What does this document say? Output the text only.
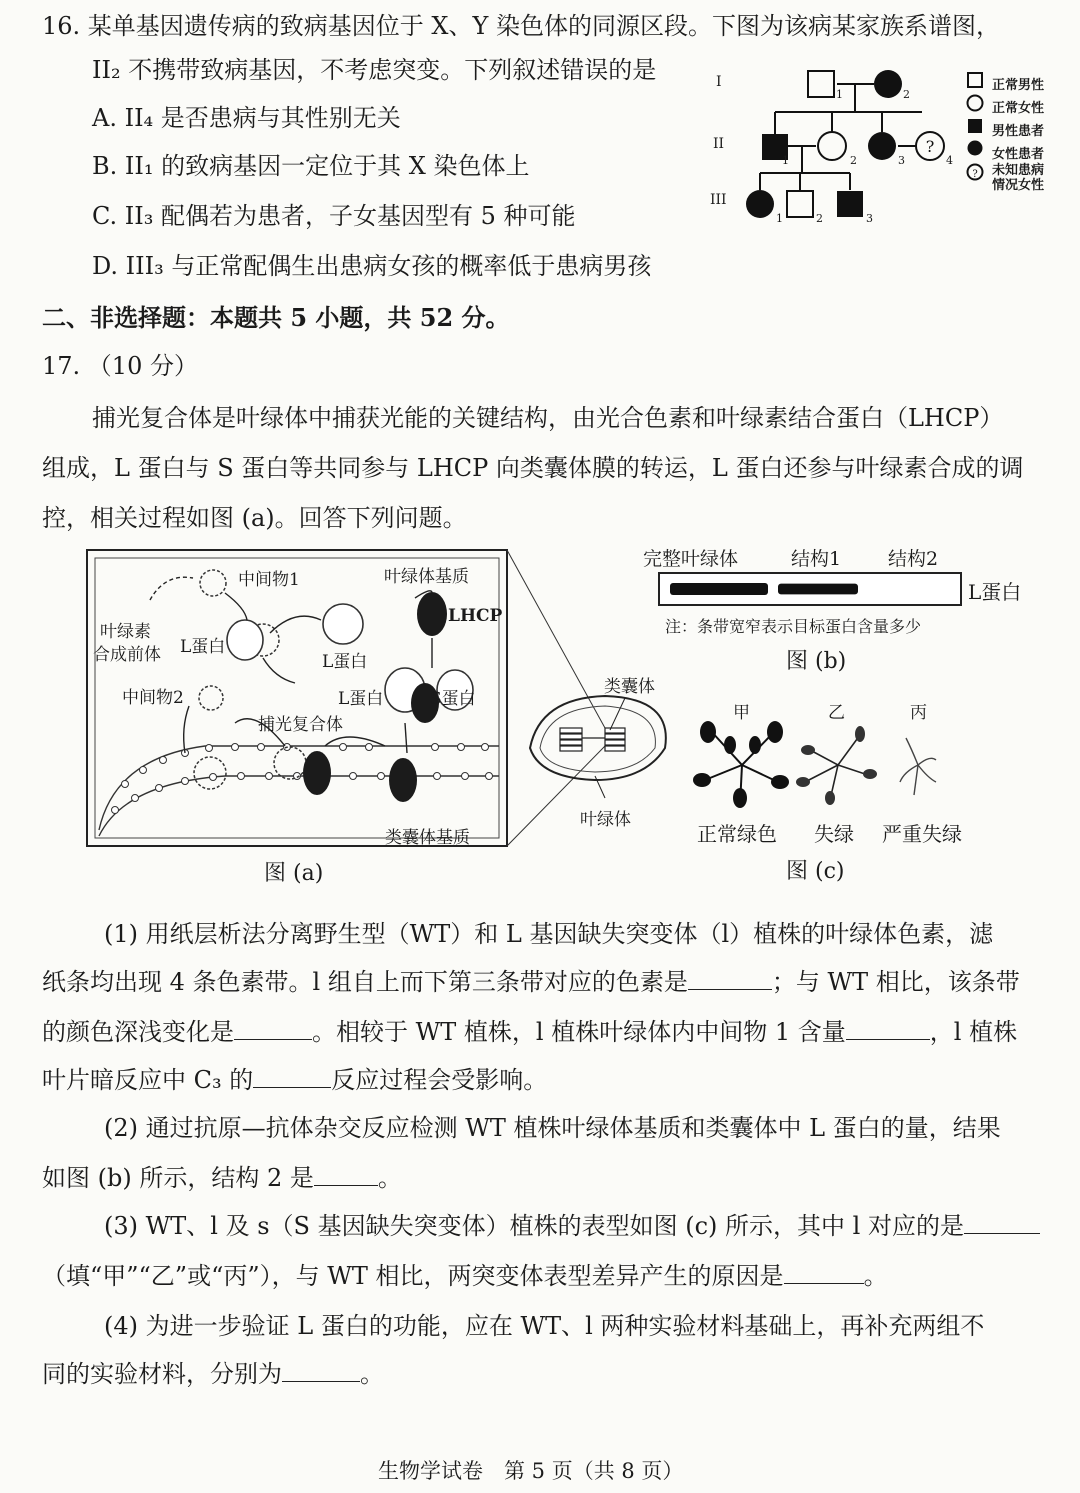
16. 某单基因遗传病的致病基因位于 X、Y 染色体的同源区段。下图为该病某家族系谱图，
II₂ 不携带致病基因，不考虑突变。下列叙述错误的是
A. II₄ 是否患病与其性别无关
B. II₁ 的致病基因一定位于其 X 染色体上
C. II₃ 配偶若为患者，子女基因型有 5 种可能
D. III₃ 与正常配偶生出患病女孩的概率低于患病男孩
?
?
I
II
III
1	2
1	2	3	4
1	2	3
正常男性
正常女性
男性患者
女性患者
未知患病情况女性
二、非选择题：本题共 5 小题，共 52 分。
17. （10 分）
捕光复合体是叶绿体中捕获光能的关键结构，由光合色素和叶绿素结合蛋白（LHCP）
组成，L 蛋白与 S 蛋白等共同参与 LHCP 向类囊体膜的转运，L 蛋白还参与叶绿素合成的调
控，相关过程如图 (a)。回答下列问题。
中间物1	叶绿体基质
叶绿素
合成前体 L蛋白
L蛋白
LHCP
中间物2	L蛋白	S蛋白
捕光复合体
类囊体基质
类囊体
叶绿体
图 (a)
完整叶绿体	结构1 结构2
L蛋白
注：条带宽窄表示目标蛋白含量多少
图 (b)
甲	乙	丙
正常绿色 失绿 严重失绿
图 (c)
(1) 用纸层析法分离野生型（WT）和 L 基因缺失突变体（l）植株的叶绿体色素，滤
纸条均出现 4 条色素带。l 组自上而下第三条带对应的色素是	；与 WT 相比，该条带
的颜色深浅变化是	。相较于 WT 植株，l 植株叶绿体内中间物 1 含量	，l 植株
叶片暗反应中 C₃ 的	反应过程会受影响。
(2) 通过抗原—抗体杂交反应检测 WT 植株叶绿体基质和类囊体中 L 蛋白的量，结果
如图 (b) 所示，结构 2 是	。
(3) WT、l 及 s（S 基因缺失突变体）植株的表型如图 (c) 所示，其中 l 对应的是
（填“甲”“乙”或“丙”），与 WT 相比，两突变体表型差异产生的原因是	。
(4) 为进一步验证 L 蛋白的功能，应在 WT、l 两种实验材料基础上，再补充两组不
同的实验材料，分别为	。
生物学试卷　第 5 页（共 8 页）
